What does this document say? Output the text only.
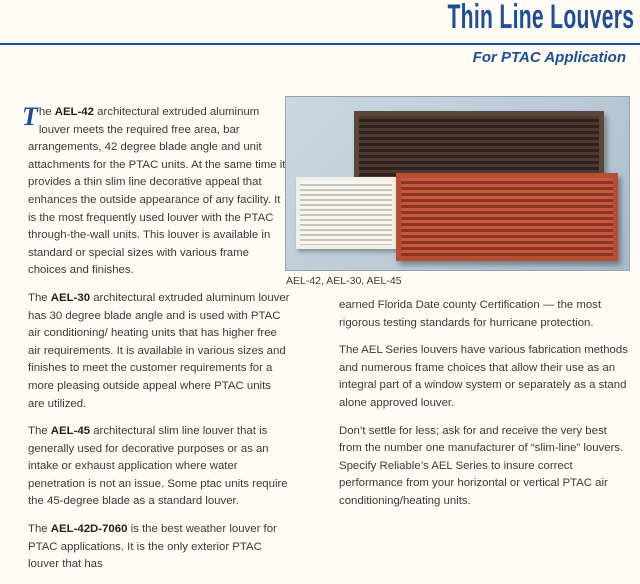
Thin Line Louvers
For PTAC Application

The AEL-42 architectural extruded aluminum louver meets the required free area, bar arrangements, 42 degree blade angle and unit attachments for the PTAC units. At the same time it provides a thin slim line decorative appeal that enhances the outside appearance of any facility. It is the most frequently used louver with the PTAC through-the-wall units. This louver is available in standard or special sizes with various frame choices and finishes.

The AEL-30 architectural extruded aluminum louver has 30 degree blade angle and is used with PTAC air conditioning/ heating units that has higher free air requirements. It is available in various sizes and finishes to meet the customer requirements for a more pleasing outside appeal where PTAC units are utilized.

The AEL-45 architectural slim line louver that is generally used for decorative purposes or as an intake or exhaust application where water penetration is not an issue. Some ptac units require the 45-degree blade as a standard louver.

The AEL-42D-7060 is the best weather louver for PTAC applications. It is the only exterior PTAC louver that has

AEL-42, AEL-30, AEL-45

earned Florida Date county Certification — the most rigorous testing standards for hurricane protection.

The AEL Series louvers have various fabrication methods and numerous frame choices that allow their use as an integral part of a window system or separately as a stand alone approved louver.

Don’t settle for less; ask for and receive the very best from the number one manufacturer of “slim-line” louvers. Specify Reliable’s AEL Series to insure correct performance from your horizontal or vertical PTAC air conditioning/heating units.
